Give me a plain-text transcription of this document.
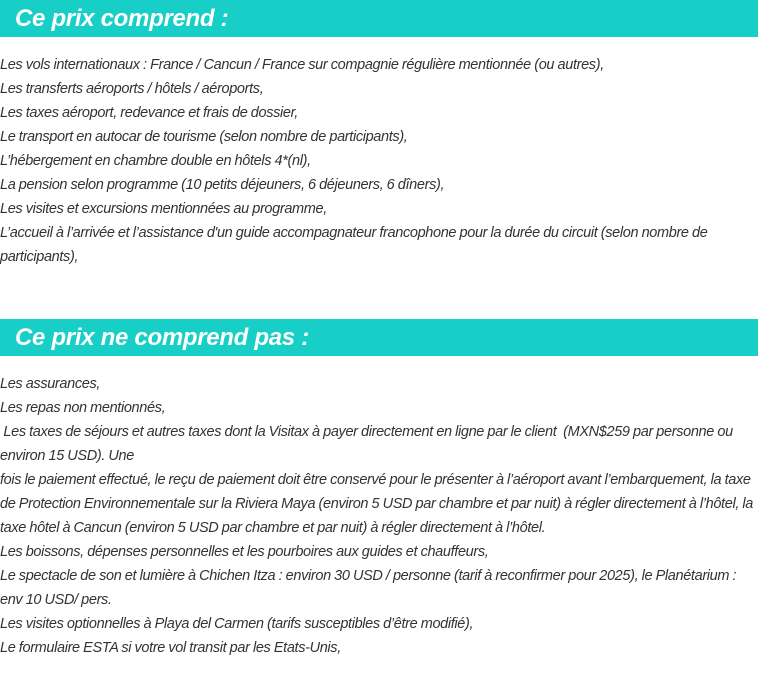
Ce prix comprend :
Les vols internationaux : France / Cancun / France sur compagnie régulière mentionnée (ou autres),
Les transferts aéroports / hôtels / aéroports,
Les taxes aéroport, redevance et frais de dossier,
Le transport en autocar de tourisme (selon nombre de participants),
L’hébergement en chambre double en hôtels 4*(nl),
La pension selon programme (10 petits déjeuners, 6 déjeuners, 6 dîners),
Les visites et excursions mentionnées au programme,
L’accueil à l’arrivée et l’assistance d'un guide accompagnateur francophone pour la durée du circuit (selon nombre de participants),
Ce prix ne comprend pas :
Les assurances,
Les repas non mentionnés,
Les taxes de séjours et autres taxes dont la Visitax à payer directement en ligne par le client  (MXN$259 par personne ou environ 15 USD). Une
fois le paiement effectué, le reçu de paiement doit être conservé pour le présenter à l’aéroport avant l’embarquement, la taxe de Protection Environnementale sur la Riviera Maya (environ 5 USD par chambre et par nuit) à régler directement à l’hôtel, la taxe hôtel à Cancun (environ 5 USD par chambre et par nuit) à régler directement à l’hôtel.
Les boissons, dépenses personnelles et les pourboires aux guides et chauffeurs,
Le spectacle de son et lumière à Chichen Itza : environ 30 USD / personne (tarif à reconfirmer pour 2025), le Planétarium : env 10 USD/ pers.
Les visites optionnelles à Playa del Carmen (tarifs susceptibles d’être modifié),
Le formulaire ESTA si votre vol transit par les Etats-Unis,
